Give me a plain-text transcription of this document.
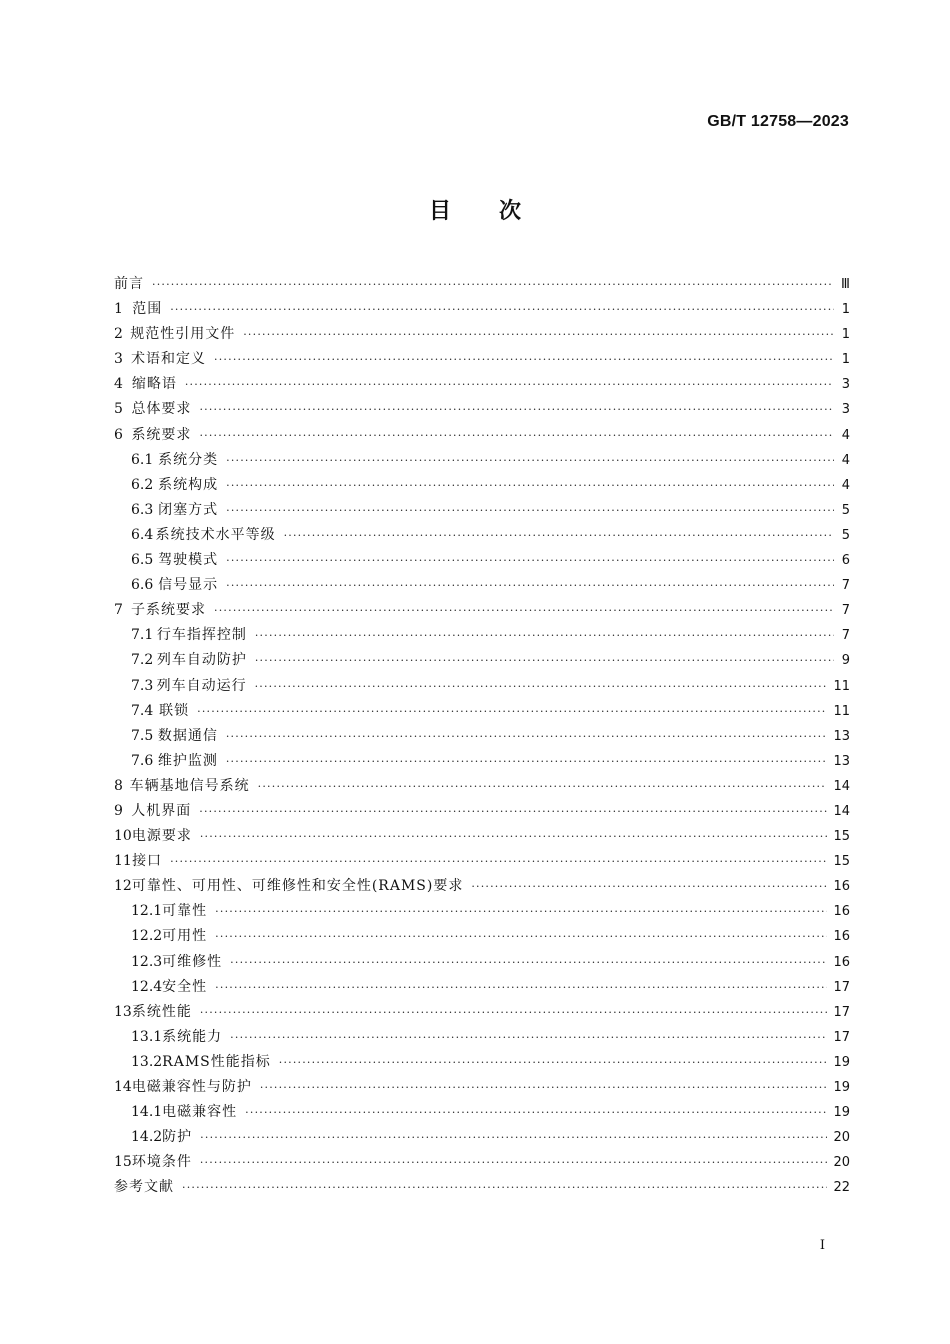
GB/T 12758—2023
目次
前言 ·····	Ⅲ
1 范围 ·····	1
2 规范性引用文件 ·····	1
3 术语和定义 ·····	1
4 缩略语 ·····	3
5 总体要求 ·····	3
6 系统要求 ·····	4
6.1 系统分类 ·····	4
6.2 系统构成 ·····	4
6.3 闭塞方式 ·····	5
6.4 系统技术水平等级 ·····	5
6.5 驾驶模式 ·····	6
6.6 信号显示 ·····	7
7 子系统要求 ·····	7
7.1 行车指挥控制 ·····	7
7.2 列车自动防护 ·····	9
7.3 列车自动运行 ·····	11
7.4 联锁 ·····	11
7.5 数据通信 ·····	13
7.6 维护监测 ·····	13
8 车辆基地信号系统 ·····	14
9 人机界面 ·····	14
10 电源要求 ·····	15
11 接口 ·····	15
12 可靠性、可用性、可维修性和安全性(RAMS)要求 ·····	16
12.1 可靠性 ·····	16
12.2 可用性 ·····	16
12.3 可维修性 ·····	16
12.4 安全性 ·····	17
13 系统性能 ·····	17
13.1 系统能力 ·····	17
13.2 RAMS性能指标 ·····	19
14 电磁兼容性与防护 ·····	19
14.1 电磁兼容性 ·····	19
14.2 防护 ·····	20
15 环境条件 ·····	20
参考文献 ·····	22
I
